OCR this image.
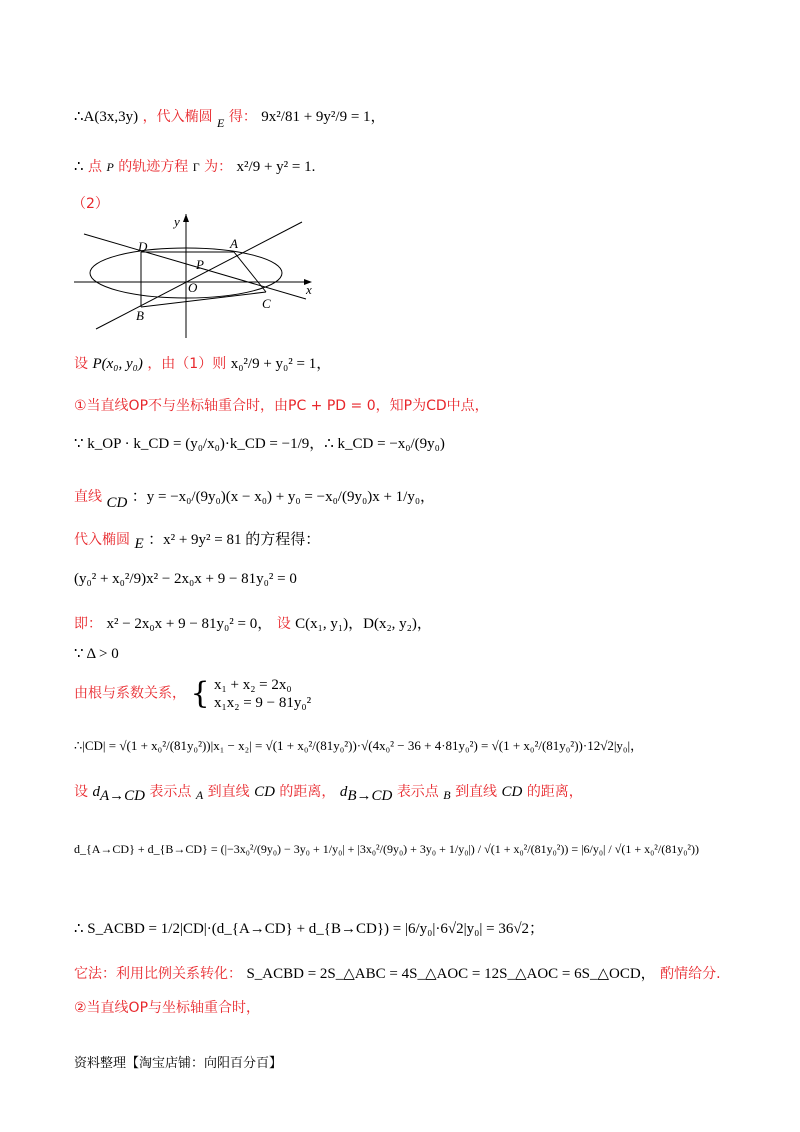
∴A(3x,3y) ，代入椭圆 E 得： 9x²/81 + 9y²/9 = 1，
∴ 点 P 的轨迹方程 Γ 为： x²/9 + y² = 1.
（2）
y
x
D	A
P
O
B
C
设 P(x₀, y₀) ，由（1）则 x₀²/9 + y₀² = 1，
①当直线OP不与坐标轴重合时，由PC + PD = 0，知P为CD中点，
∵ k_OP · k_CD = (y₀/x₀)·k_CD = −1/9，∴ k_CD = −x₀/(9y₀)
直线 CD ：y = −x₀/(9y₀)(x − x₀) + y₀ = −x₀/(9y₀)x + 1/y₀，
代入椭圆 E ：x² + 9y² = 81 的方程得：
(y₀² + x₀²/9)x² − 2x₀x + 9 − 81y₀² = 0
即： x² − 2x₀x + 9 − 81y₀² = 0， 设 C(x₁, y₁)，D(x₂, y₂)，
∵ Δ > 0
由根与系数关系， { x₁ + x₂ = 2x₀
x₁x₂ = 9 − 81y₀²
∴|CD| = √(1 + x₀²/(81y₀²))|x₁ − x₂| = √(1 + x₀²/(81y₀²))·√(4x₀² − 36 + 4·81y₀²) = √(1 + x₀²/(81y₀²))·12√2|y₀|，
设 $d_{A\to CD}$ 表示点 A 到直线 CD 的距离， $d_{B\to CD}$ 表示点 B 到直线 CD 的距离，
d_{A→CD} + d_{B→CD} = (|−3x₀²/(9y₀) − 3y₀ + 1/y₀| + |3x₀²/(9y₀) + 3y₀ + 1/y₀|) / √(1 + x₀²/(81y₀²)) = |6/y₀| / √(1 + x₀²/(81y₀²))
∴ S_ACBD = 1/2|CD|·(d_{A→CD} + d_{B→CD}) = |6/y₀|·6√2|y₀| = 36√2；
它法：利用比例关系转化： S_ACBD = 2S_△ABC = 4S_△AOC = 12S_△AOC = 6S_△OCD， 酌情给分.
②当直线OP与坐标轴重合时，
资料整理【淘宝店铺：向阳百分百】
